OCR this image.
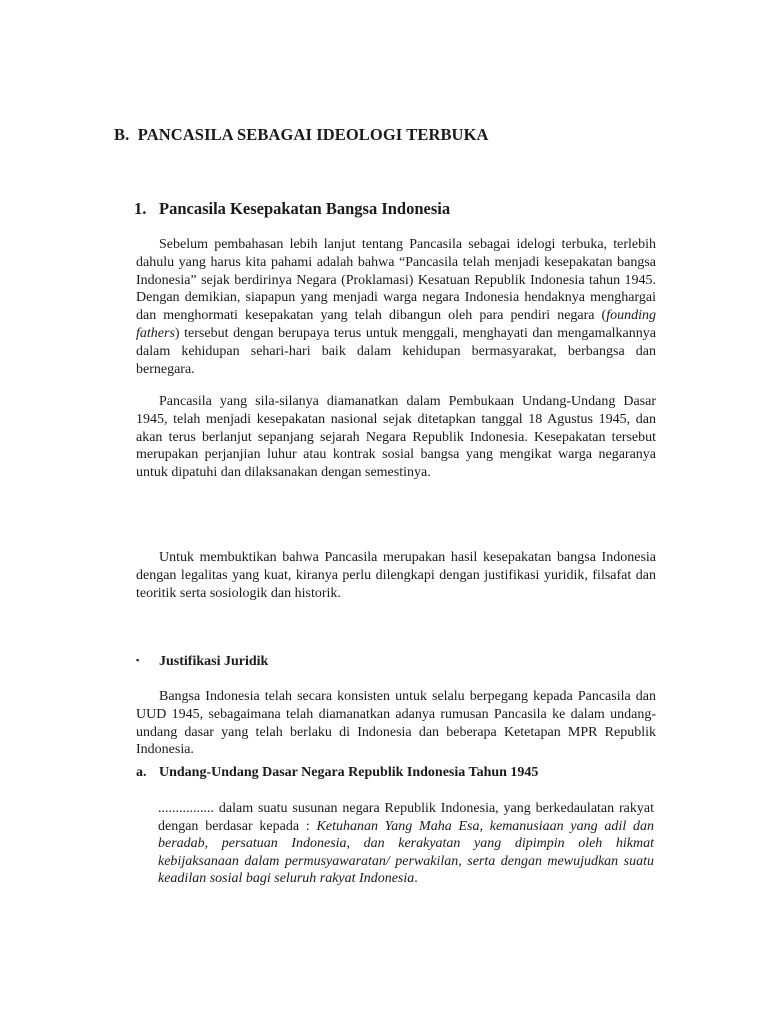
B.  PANCASILA SEBAGAI IDEOLOGI TERBUKA
1. Pancasila Kesepakatan Bangsa Indonesia

Sebelum pembahasan lebih lanjut tentang Pancasila sebagai idelogi terbuka, terlebih dahulu yang harus kita pahami adalah bahwa “Pancasila telah menjadi kesepakatan bangsa Indonesia” sejak berdirinya Negara (Proklamasi) Kesatuan Republik Indonesia tahun 1945. Dengan demikian, siapapun yang menjadi warga negara Indonesia hendaknya menghargai dan menghormati kesepakatan yang telah dibangun oleh para pendiri negara (founding fathers) tersebut dengan berupaya terus untuk menggali, menghayati dan mengamalkannya dalam kehidupan sehari-hari baik dalam kehidupan bermasyarakat, berbangsa dan bernegara.

Pancasila yang sila-silanya diamanatkan dalam Pembukaan Undang-Undang Dasar 1945, telah menjadi kesepakatan nasional sejak ditetapkan tanggal 18 Agustus 1945, dan akan terus berlanjut sepanjang sejarah Negara Republik Indonesia. Kesepakatan tersebut merupakan perjanjian luhur atau kontrak sosial bangsa yang mengikat warga negaranya untuk dipatuhi dan dilaksanakan dengan semestinya.

Untuk membuktikan bahwa Pancasila merupakan hasil kesepakatan bangsa Indonesia dengan legalitas yang kuat, kiranya perlu dilengkapi dengan justifikasi yuridik, filsafat dan teoritik serta sosiologik dan historik.

▪ Justifikasi Juridik

Bangsa Indonesia telah secara konsisten untuk selalu berpegang kepada Pancasila dan UUD 1945, sebagaimana telah diamanatkan adanya rumusan Pancasila ke dalam undang-undang dasar yang telah berlaku di Indonesia dan beberapa Ketetapan MPR Republik Indonesia.

a. Undang-Undang Dasar Negara Republik Indonesia Tahun 1945

................ dalam suatu susunan negara Republik Indonesia, yang berkedaulatan rakyat dengan berdasar kepada : Ketuhanan Yang Maha Esa, kemanusiaan yang adil dan beradab, persatuan Indonesia, dan kerakyatan yang dipimpin oleh hikmat kebijaksanaan dalam permusyawaratan/ perwakilan, serta dengan mewujudkan suatu keadilan sosial bagi seluruh rakyat Indonesia.
